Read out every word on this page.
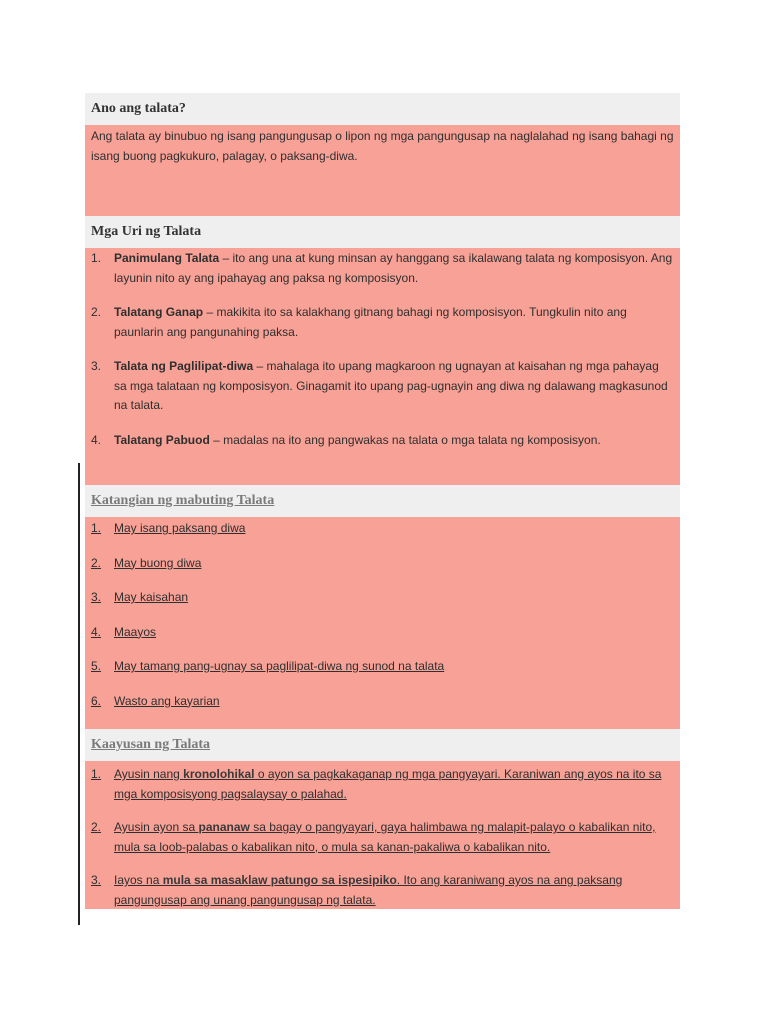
Ano ang talata?
Ang talata ay binubuo ng isang pangungusap o lipon ng mga pangungusap na naglalahad ng isang bahagi ng isang buong pagkukuro, palagay, o paksang-diwa.
Mga Uri ng Talata
1.	Panimulang Talata – ito ang una at kung minsan ay hanggang sa ikalawang talata ng komposisyon. Ang layunin nito ay ang ipahayag ang paksa ng komposisyon.
2.	Talatang Ganap – makikita ito sa kalakhang gitnang bahagi ng komposisyon. Tungkulin nito ang paunlarin ang pangunahing paksa.
3.	Talata ng Paglilipat-diwa – mahalaga ito upang magkaroon ng ugnayan at kaisahan ng mga pahayag sa mga talataan ng komposisyon. Ginagamit ito upang pag-ugnayin ang diwa ng dalawang magkasunod na talata.
4.	Talatang Pabuod – madalas na ito ang pangwakas na talata o mga talata ng komposisyon.
Katangian ng mabuting Talata
1.	May isang paksang diwa
2.	May buong diwa
3.	May kaisahan
4.	Maayos
5.	May tamang pang-ugnay sa paglilipat-diwa ng sunod na talata
6.	Wasto ang kayarian
Kaayusan ng Talata
1.	Ayusin nang kronolohikal o ayon sa pagkakaganap ng mga pangyayari. Karaniwan ang ayos na ito sa mga komposisyong pagsalaysay o palahad.
2.	Ayusin ayon sa pananaw sa bagay o pangyayari, gaya halimbawa ng malapit-palayo o kabalikan nito, mula sa loob-palabas o kabalikan nito, o mula sa kanan-pakaliwa o kabalikan nito.
3.	Iayos na mula sa masaklaw patungo sa ispesipiko. Ito ang karaniwang ayos na ang paksang pangungusap ang unang pangungusap ng talata.
